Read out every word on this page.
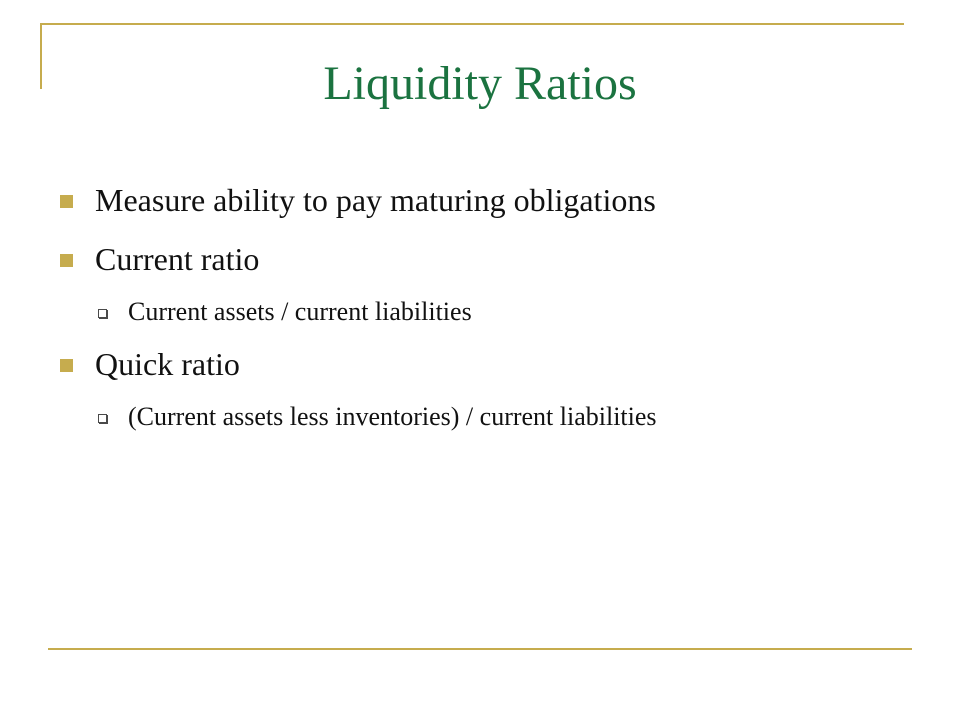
Liquidity Ratios
Measure ability to pay maturing obligations
Current ratio
Current assets / current liabilities
Quick ratio
(Current assets less inventories) / current liabilities
